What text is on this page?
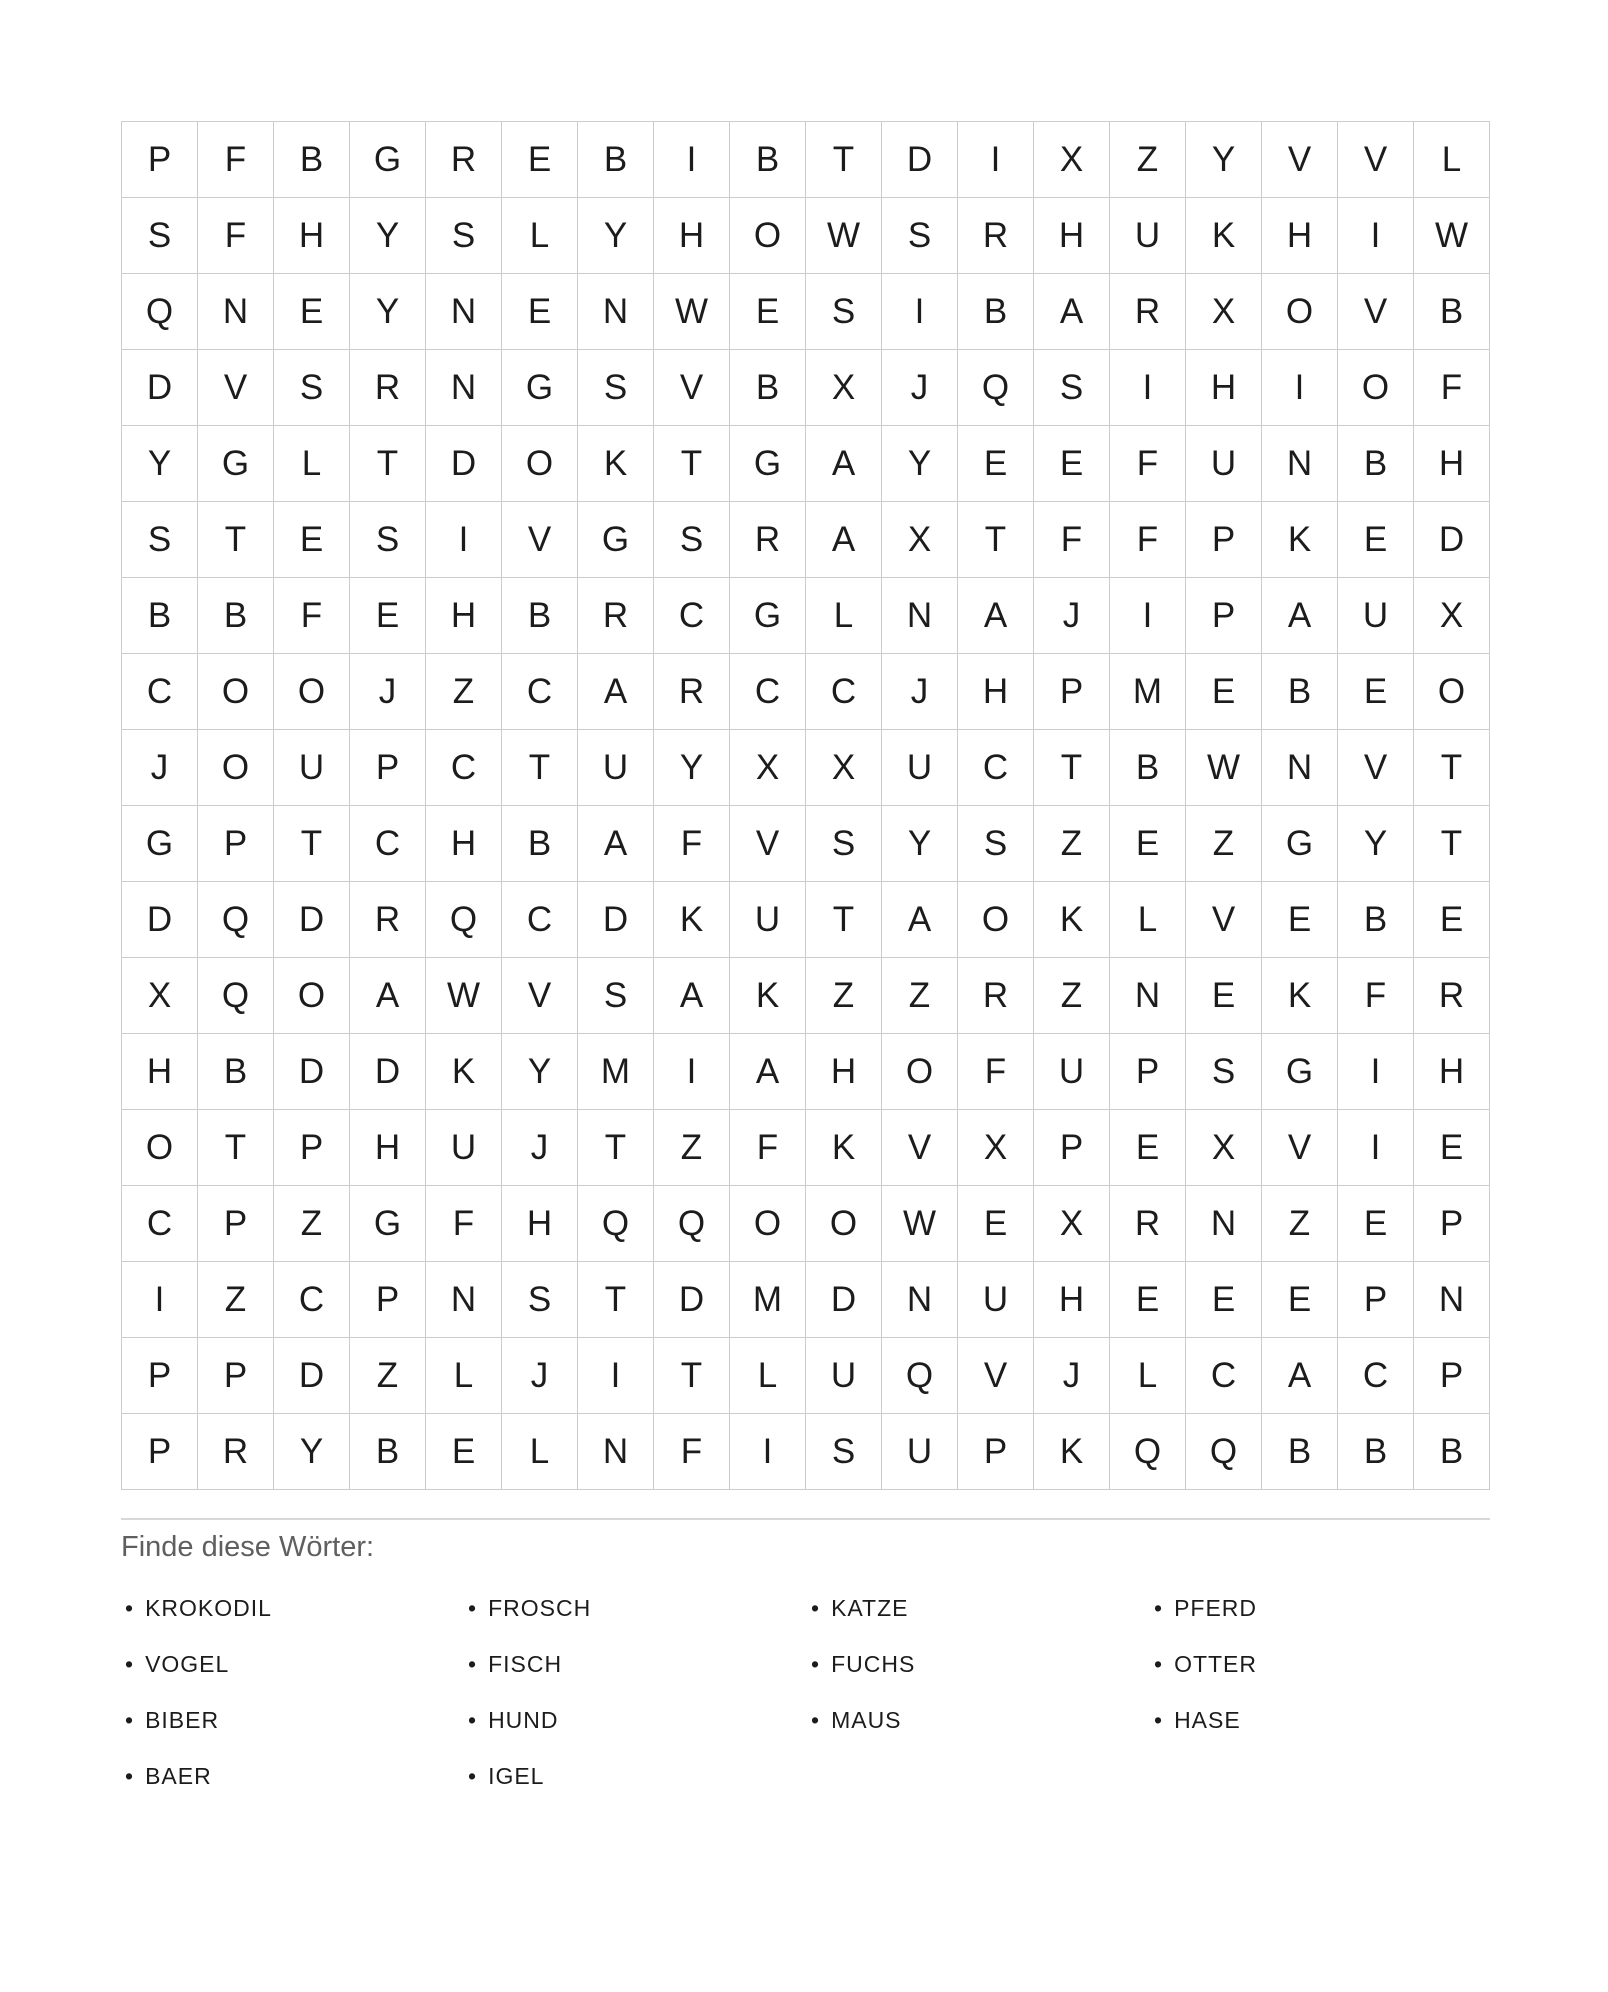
P	F	B	G	R	E	B	I	B	T	D	I	X	Z	Y	V	V	L
S	F	H	Y	S	L	Y	H	O	W	S	R	H	U	K	H	I	W
Q	N	E	Y	N	E	N	W	E	S	I	B	A	R	X	O	V	B
D	V	S	R	N	G	S	V	B	X	J	Q	S	I	H	I	O	F
Y	G	L	T	D	O	K	T	G	A	Y	E	E	F	U	N	B	H
S	T	E	S	I	V	G	S	R	A	X	T	F	F	P	K	E	D
B	B	F	E	H	B	R	C	G	L	N	A	J	I	P	A	U	X
C	O	O	J	Z	C	A	R	C	C	J	H	P	M	E	B	E	O
J	O	U	P	C	T	U	Y	X	X	U	C	T	B	W	N	V	T
G	P	T	C	H	B	A	F	V	S	Y	S	Z	E	Z	G	Y	T
D	Q	D	R	Q	C	D	K	U	T	A	O	K	L	V	E	B	E
X	Q	O	A	W	V	S	A	K	Z	Z	R	Z	N	E	K	F	R
H	B	D	D	K	Y	M	I	A	H	O	F	U	P	S	G	I	H
O	T	P	H	U	J	T	Z	F	K	V	X	P	E	X	V	I	E
C	P	Z	G	F	H	Q	Q	O	O	W	E	X	R	N	Z	E	P
I	Z	C	P	N	S	T	D	M	D	N	U	H	E	E	E	P	N
P	P	D	Z	L	J	I	T	L	U	Q	V	J	L	C	A	C	P
P	R	Y	B	E	L	N	F	I	S	U	P	K	Q	Q	B	B	B
Finde diese Wörter:
• KROKODIL
• VOGEL
• BIBER
• BAER
• FROSCH
• FISCH
• HUND
• IGEL
• KATZE
• FUCHS
• MAUS
• PFERD
• OTTER
• HASE
